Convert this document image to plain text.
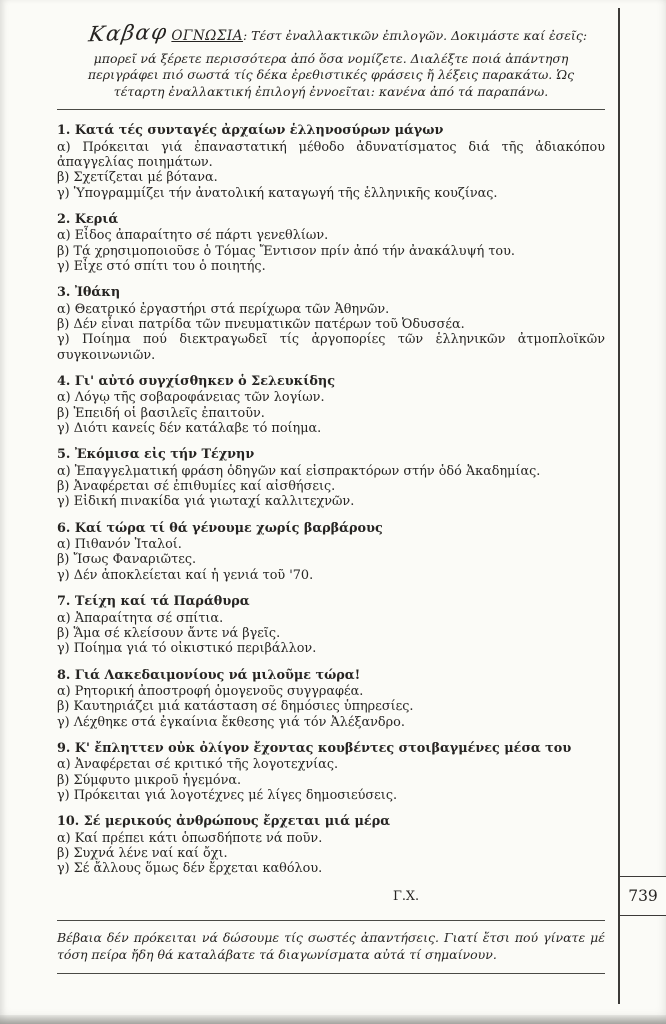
Καβαφ ΟΓΝΩΣΙΑ: Τέστ ἐναλλακτικῶν ἐπιλογῶν. Δοκιμάστε καί ἐσεῖς:
μπορεῖ νά ξέρετε περισσότερα ἀπό ὅσα νομίζετε. Διαλέξτε ποιά ἀπάντηση περιγράφει πιό σωστά τίς δέκα ἐρεθιστικές φράσεις ἤ λέξεις παρακάτω. Ὡς τέταρτη ἐναλλακτική ἐπιλογή ἐννοεῖται: κανένα ἀπό τά παραπάνω.
1. Κατά τές συνταγές ἀρχαίων ἑλληνοσύρων μάγων
α) Πρόκειται γιά ἐπαναστατική μέθοδο ἀδυνατίσματος διά τῆς ἀδιακόπου ἀπαγγελίας ποιημάτων.
β) Σχετίζεται μέ βότανα.
γ) Ὑπογραμμίζει τήν ἀνατολική καταγωγή τῆς ἑλληνικῆς κουζίνας.
2. Κεριά
α) Εἶδος ἀπαραίτητο σέ πάρτι γενεθλίων.
β) Τά χρησιμοποιοῦσε ὁ Τόμας Ἔντισον πρίν ἀπό τήν ἀνακάλυψή του.
γ) Εἶχε στό σπίτι του ὁ ποιητής.
3. Ἰθάκη
α) Θεατρικό ἐργαστήρι στά περίχωρα τῶν Ἀθηνῶν.
β) Δέν εἶναι πατρίδα τῶν πνευματικῶν πατέρων τοῦ Ὀδυσσέα.
γ) Ποίημα πού διεκτραγωδεῖ τίς ἀργοπορίες τῶν ἑλληνικῶν ἀτμοπλοϊκῶν συγκοινωνιῶν.
4. Γι' αὐτό συγχίσθηκεν ὁ Σελευκίδης
α) Λόγῳ τῆς σοβαροφάνειας τῶν λογίων.
β) Ἐπειδή οἱ βασιλεῖς ἐπαιτοῦν.
γ) Διότι κανείς δέν κατάλαβε τό ποίημα.
5. Ἐκόμισα εἰς τήν Τέχνην
α) Ἐπαγγελματική φράση ὁδηγῶν καί εἰσπρακτόρων στήν ὁδό Ἀκαδημίας.
β) Ἀναφέρεται σέ ἐπιθυμίες καί αἰσθήσεις.
γ) Εἰδική πινακίδα γιά γιωταχί καλλιτεχνῶν.
6. Καί τώρα τί θά γένουμε χωρίς βαρβάρους
α) Πιθανόν Ἰταλοί.
β) Ἴσως Φαναριῶτες.
γ) Δέν ἀποκλείεται καί ἡ γενιά τοῦ '70.
7. Τείχη καί τά Παράθυρα
α) Ἀπαραίτητα σέ σπίτια.
β) Ἅμα σέ κλείσουν ἄντε νά βγεῖς.
γ) Ποίημα γιά τό οἰκιστικό περιβάλλον.
8. Γιά Λακεδαιμονίους νά μιλοῦμε τώρα!
α) Ρητορική ἀποστροφή ὁμογενοῦς συγγραφέα.
β) Καυτηριάζει μιά κατάσταση σέ δημόσιες ὑπηρεσίες.
γ) Λέχθηκε στά ἐγκαίνια ἔκθεσης γιά τόν Ἀλέξανδρο.
9. Κ' ἔπληττεν οὐκ ὀλίγον ἔχοντας κουβέντες στοιβαγμένες μέσα του
α) Ἀναφέρεται σέ κριτικό τῆς λογοτεχνίας.
β) Σύμφυτο μικροῦ ἡγεμόνα.
γ) Πρόκειται γιά λογοτέχνες μέ λίγες δημοσιεύσεις.
10. Σέ μερικούς ἀνθρώπους ἔρχεται μιά μέρα
α) Καί πρέπει κάτι ὁπωσδήποτε νά ποῦν.
β) Συχνά λένε ναί καί ὄχι.
γ) Σέ ἄλλους ὅμως δέν ἔρχεται καθόλου.
Γ.Χ.
Βέβαια δέν πρόκειται νά δώσουμε τίς σωστές ἀπαντήσεις. Γιατί ἔτσι πού γίνατε μέ τόση πείρα ἤδη θά καταλάβατε τά διαγωνίσματα αὐτά τί σημαίνουν.
739
